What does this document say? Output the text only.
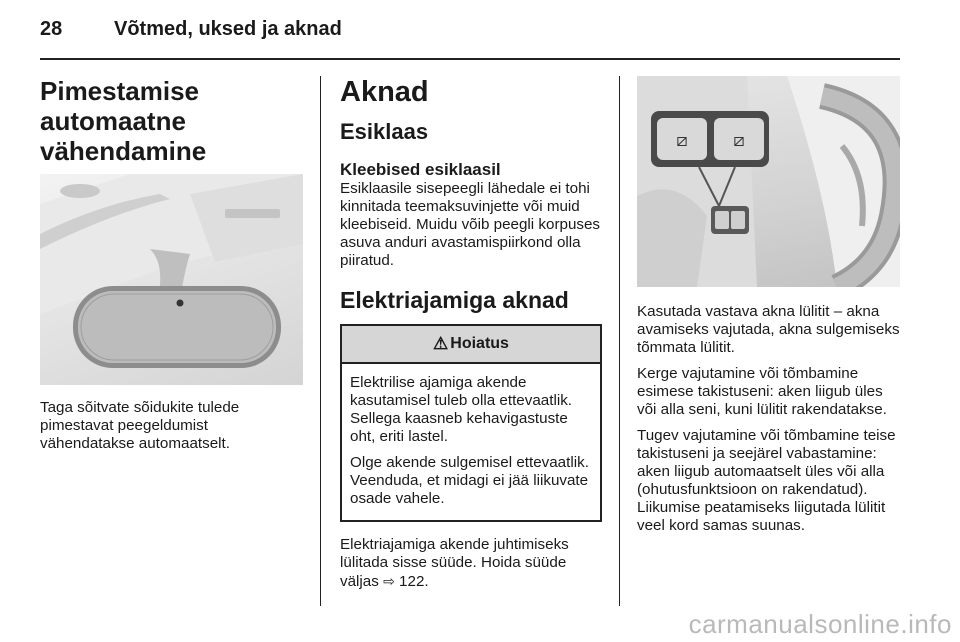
28	Võtmed, uksed ja aknad
Pimestamise automaatne vähendamine

Taga sõitvate sõidukite tulede pimestavat peegeldumist vähendatakse automaatselt.

Aknad
Esiklaas
Kleebised esiklaasil

Esiklaasile sisepeegli lähedale ei tohi kinnitada teemaksuvinjette või muid kleebiseid. Muidu võib peegli korpuses asuva anduri avastamispiirkond olla piiratud.

Elektriajamiga aknad
⚠ Hoiatus

Elektrilise ajamiga akende kasutamisel tuleb olla ettevaatlik. Sellega kaasneb kehavigastuste oht, eriti lastel.

Olge akende sulgemisel ettevaatlik. Veenduda, et midagi ei jää liikuvate osade vahele.

Elektriajamiga akende juhtimiseks lülitada sisse süüde. Hoida süüde väljas ⇨ 122.

⧄	⧄

Kasutada vastava akna lülitit – akna avamiseks vajutada, akna sulgemiseks tõmmata lülitit.

Kerge vajutamine või tõmbamine esimese takistuseni: aken liigub üles või alla seni, kuni lülitit rakendatakse.

Tugev vajutamine või tõmbamine teise takistuseni ja seejärel vabastamine: aken liigub automaatselt üles või alla (ohutusfunktsioon on rakendatud). Liikumise peatamiseks liigutada lülitit veel kord samas suunas.

carmanualsonline.info
